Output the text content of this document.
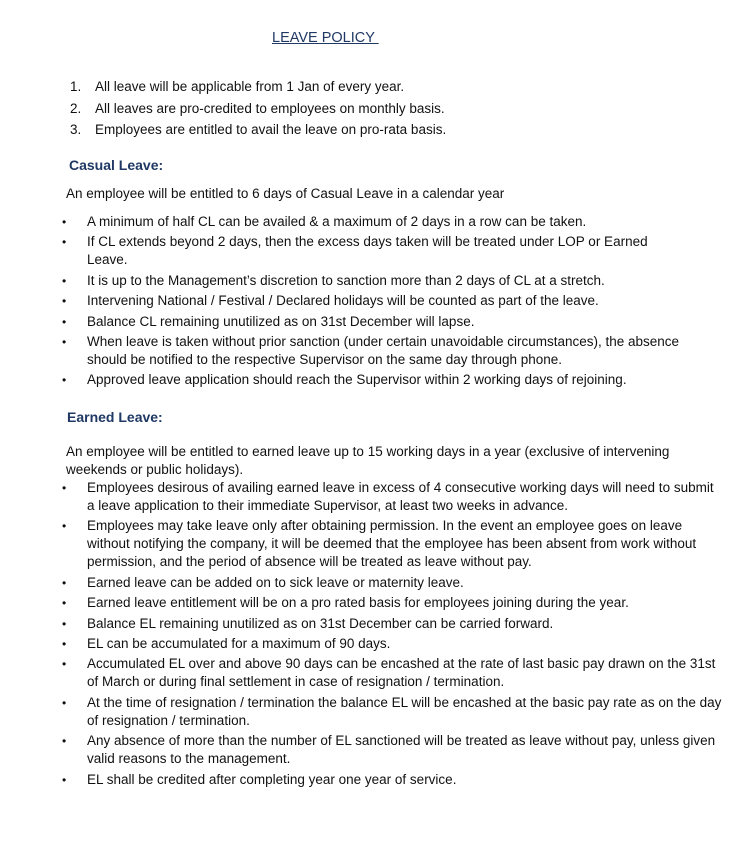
LEAVE POLICY
1.	All leave will be applicable from 1 Jan of every year.
2.	All leaves are pro-credited to employees on monthly basis.
3.	Employees are entitled to avail the leave on pro-rata basis.
Casual Leave:
An employee will be entitled to 6 days of Casual Leave in a calendar year
•	A minimum of half CL can be availed & a maximum of 2 days in a row can be taken.
•	If CL extends beyond 2 days, then the excess days taken will be treated under LOP or Earned Leave.
•	It is up to the Management’s discretion to sanction more than 2 days of CL at a stretch.
•	Intervening National / Festival / Declared holidays will be counted as part of the leave.
•	Balance CL remaining unutilized as on 31st December will lapse.
•	When leave is taken without prior sanction (under certain unavoidable circumstances), the absence should be notified to the respective Supervisor on the same day through phone.
•	Approved leave application should reach the Supervisor within 2 working days of rejoining.
Earned Leave:
An employee will be entitled to earned leave up to 15 working days in a year (exclusive of intervening weekends or public holidays).
•	Employees desirous of availing earned leave in excess of 4 consecutive working days will need to submit a leave application to their immediate Supervisor, at least two weeks in advance.
•	Employees may take leave only after obtaining permission. In the event an employee goes on leave without notifying the company, it will be deemed that the employee has been absent from work without permission, and the period of absence will be treated as leave without pay.
•	Earned leave can be added on to sick leave or maternity leave.
•	Earned leave entitlement will be on a pro rated basis for employees joining during the year.
•	Balance EL remaining unutilized as on 31st December can be carried forward.
•	EL can be accumulated for a maximum of 90 days.
•	Accumulated EL over and above 90 days can be encashed at the rate of last basic pay drawn on the 31st of March or during final settlement in case of resignation / termination.
•	At the time of resignation / termination the balance EL will be encashed at the basic pay rate as on the day of resignation / termination.
•	Any absence of more than the number of EL sanctioned will be treated as leave without pay, unless given valid reasons to the management.
•	EL shall be credited after completing year one year of service.
